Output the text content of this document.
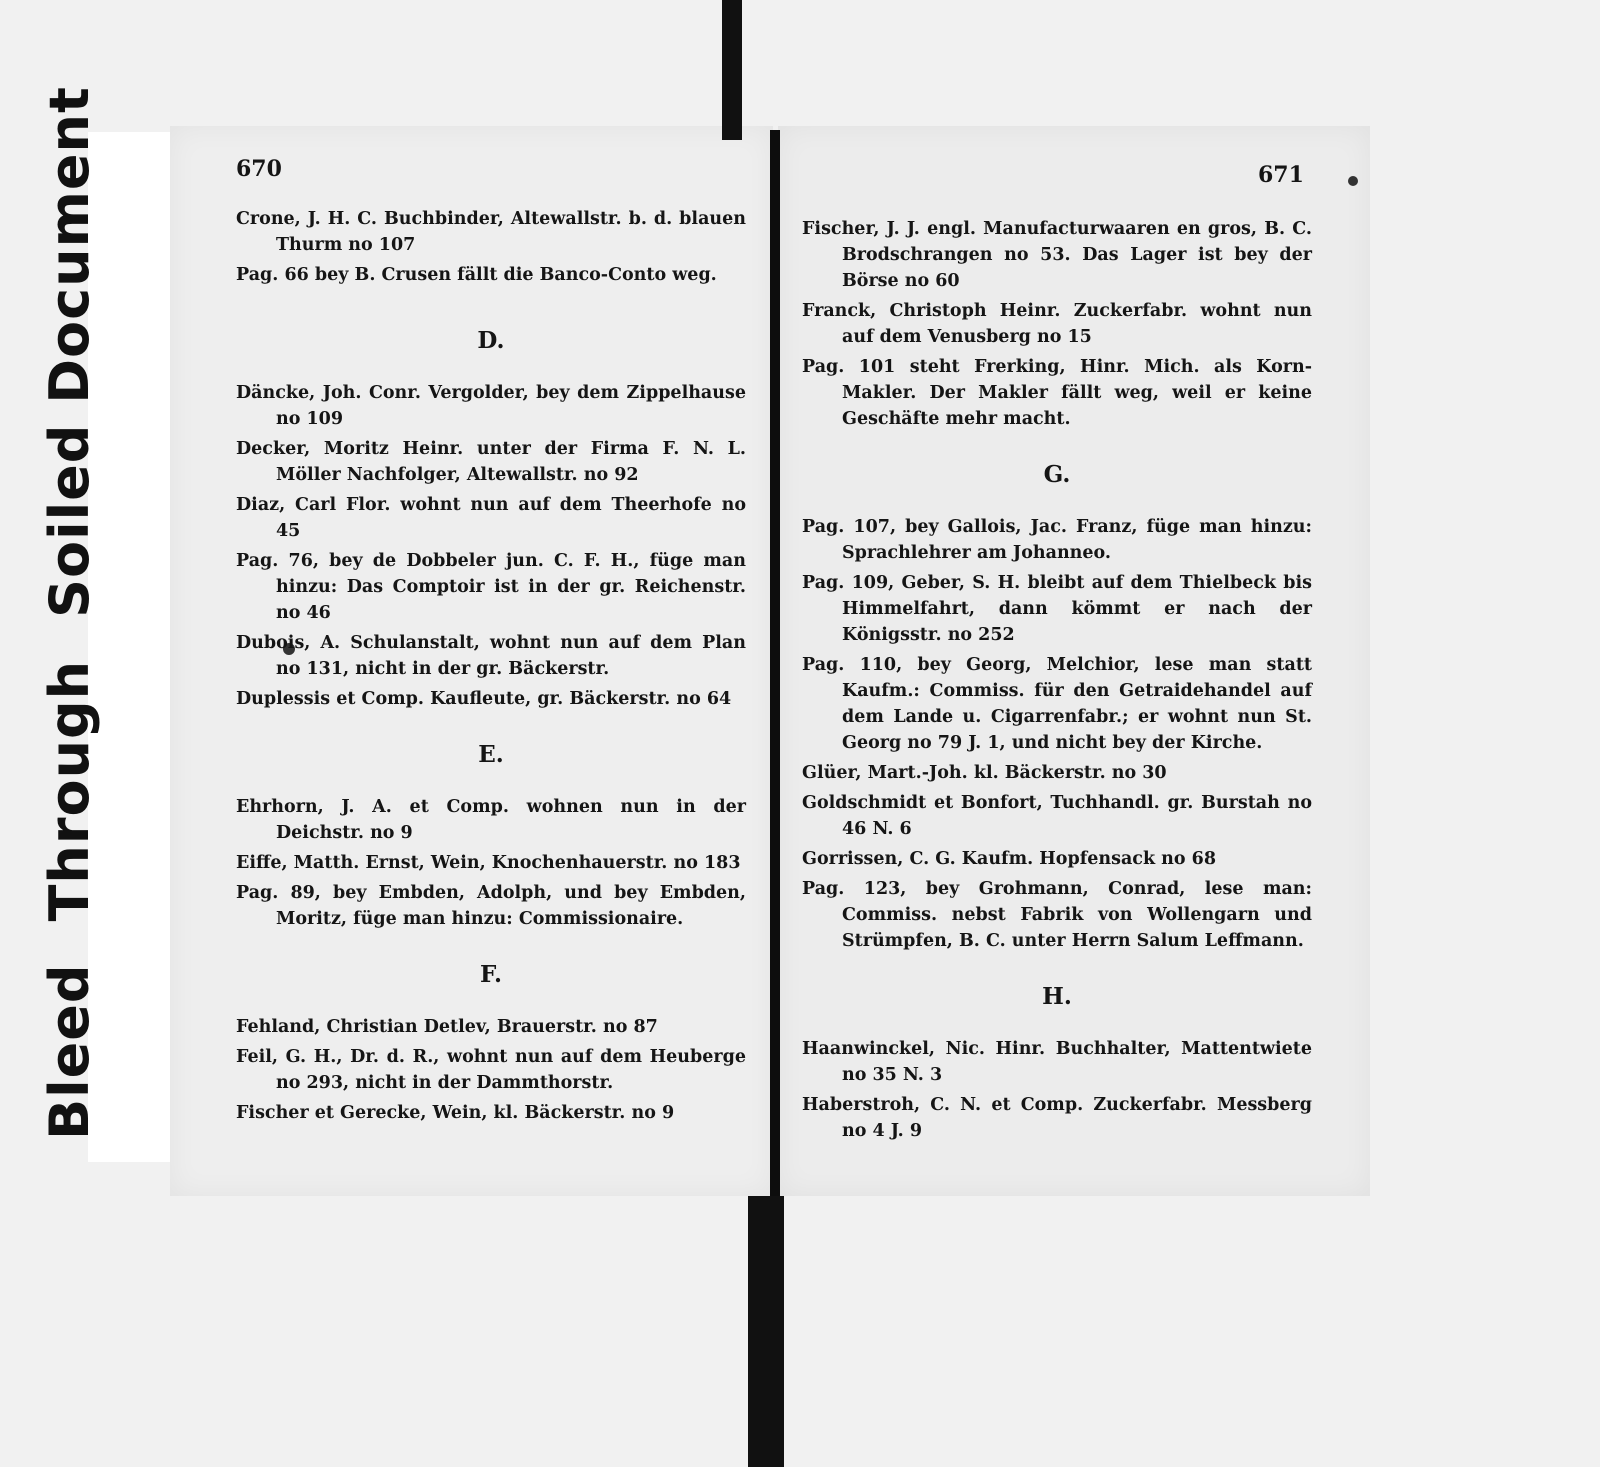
BleedThroughSoiled Document	670	671

Crone, J. H. C. Buchbinder, Altewallstr. b. d. blauen Thurm no 107

Pag. 66 bey B. Crusen fällt die Banco-Conto weg.

D.

Däncke, Joh. Conr. Vergolder, bey dem Zippelhause no 109

Decker, Moritz Heinr. unter der Firma F. N. L. Möller Nachfolger, Altewallstr. no 92

Diaz, Carl Flor. wohnt nun auf dem Theerhofe no 45

Pag. 76, bey de Dobbeler jun. C. F. H., füge man hinzu: Das Comptoir ist in der gr. Reichenstr. no 46

Dubois, A. Schulanstalt, wohnt nun auf dem Plan no 131, nicht in der gr. Bäckerstr.

Duplessis et Comp. Kaufleute, gr. Bäckerstr. no 64

E.

Ehrhorn, J. A. et Comp. wohnen nun in der Deichstr. no 9

Eiffe, Matth. Ernst, Wein, Knochenhauerstr. no 183

Pag. 89, bey Embden, Adolph, und bey Embden, Moritz, füge man hinzu: Commissionaire.

F.

Fehland, Christian Detlev, Brauerstr. no 87

Feil, G. H., Dr. d. R., wohnt nun auf dem Heuberge no 293, nicht in der Dammthorstr.

Fischer et Gerecke, Wein, kl. Bäckerstr. no 9

Fischer, J. J. engl. Manufacturwaaren en gros, B. C. Brodschrangen no 53. Das Lager ist bey der Börse no 60

Franck, Christoph Heinr. Zuckerfabr. wohnt nun auf dem Venusberg no 15

Pag. 101 steht Frerking, Hinr. Mich. als Korn-Makler. Der Makler fällt weg, weil er keine Geschäfte mehr macht.

G.

Pag. 107, bey Gallois, Jac. Franz, füge man hinzu: Sprachlehrer am Johanneo.

Pag. 109, Geber, S. H. bleibt auf dem Thielbeck bis Himmelfahrt, dann kömmt er nach der Königsstr. no 252

Pag. 110, bey Georg, Melchior, lese man statt Kaufm.: Commiss. für den Getraidehandel auf dem Lande u. Cigarrenfabr.; er wohnt nun St. Georg no 79 J. 1, und nicht bey der Kirche.

Glüer, Mart.-Joh. kl. Bäckerstr. no 30

Goldschmidt et Bonfort, Tuchhandl. gr. Burstah no 46 N. 6

Gorrissen, C. G. Kaufm. Hopfensack no 68

Pag. 123, bey Grohmann, Conrad, lese man: Commiss. nebst Fabrik von Wollengarn und Strümpfen, B. C. unter Herrn Salum Leffmann.

H.

Haanwinckel, Nic. Hinr. Buchhalter, Mattentwiete no 35 N. 3

Haberstroh, C. N. et Comp. Zuckerfabr. Messberg no 4 J. 9
